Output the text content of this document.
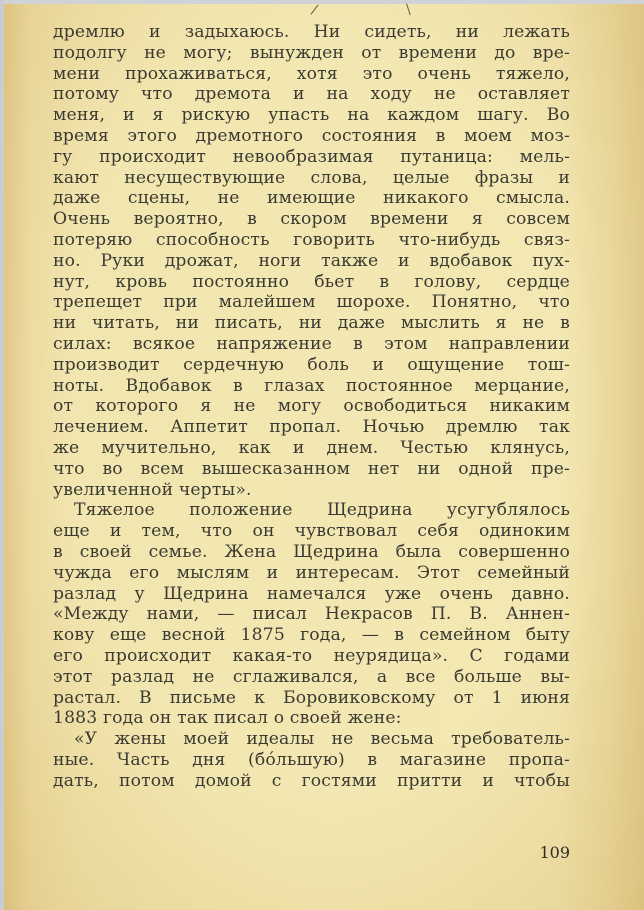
/	\
дремлю и задыхаюсь. Ни сидеть, ни лежать
подолгу не могу; вынужден от времени до вре-
мени прохаживаться, хотя это очень тяжело,
потому что дремота и на ходу не оставляет
меня, и я рискую упасть на каждом шагу. Во
время этого дремотного состояния в моем моз-
гу происходит невообразимая путаница: мель-
кают несуществующие слова, целые фразы и
даже сцены, не имеющие никакого смысла.
Очень вероятно, в скором времени я совсем
потеряю способность говорить что-нибудь связ-
но. Руки дрожат, ноги также и вдобавок пух-
нут, кровь постоянно бьет в голову, сердце
трепещет при малейшем шорохе. Понятно, что
ни читать, ни писать, ни даже мыслить я не в
силах: всякое напряжение в этом направлении
производит сердечную боль и ощущение тош-
ноты. Вдобавок в глазах постоянное мерцание,
от которого я не могу освободиться никаким
лечением. Аппетит пропал. Ночью дремлю так
же мучительно, как и днем. Честью клянусь,
что во всем вышесказанном нет ни одной пре-
увеличенной черты».
Тяжелое положение Щедрина усугублялось
еще и тем, что он чувствовал себя одиноким
в своей семье. Жена Щедрина была совершенно
чужда его мыслям и интересам. Этот семейный
разлад у Щедрина намечался уже очень давно.
«Между нами, — писал Некрасов П. В. Аннен-
кову еще весной 1875 года, — в семейном быту
его происходит какая-то неурядица». С годами
этот разлад не сглаживался, а все больше вы-
растал. В письме к Боровиковскому от 1 июня
1883 года он так писал о своей жене:
«У жены моей идеалы не весьма требователь-
ные. Часть дня (бóльшую) в магазине пропа-
дать, потом домой с гостями притти и чтобы
109
